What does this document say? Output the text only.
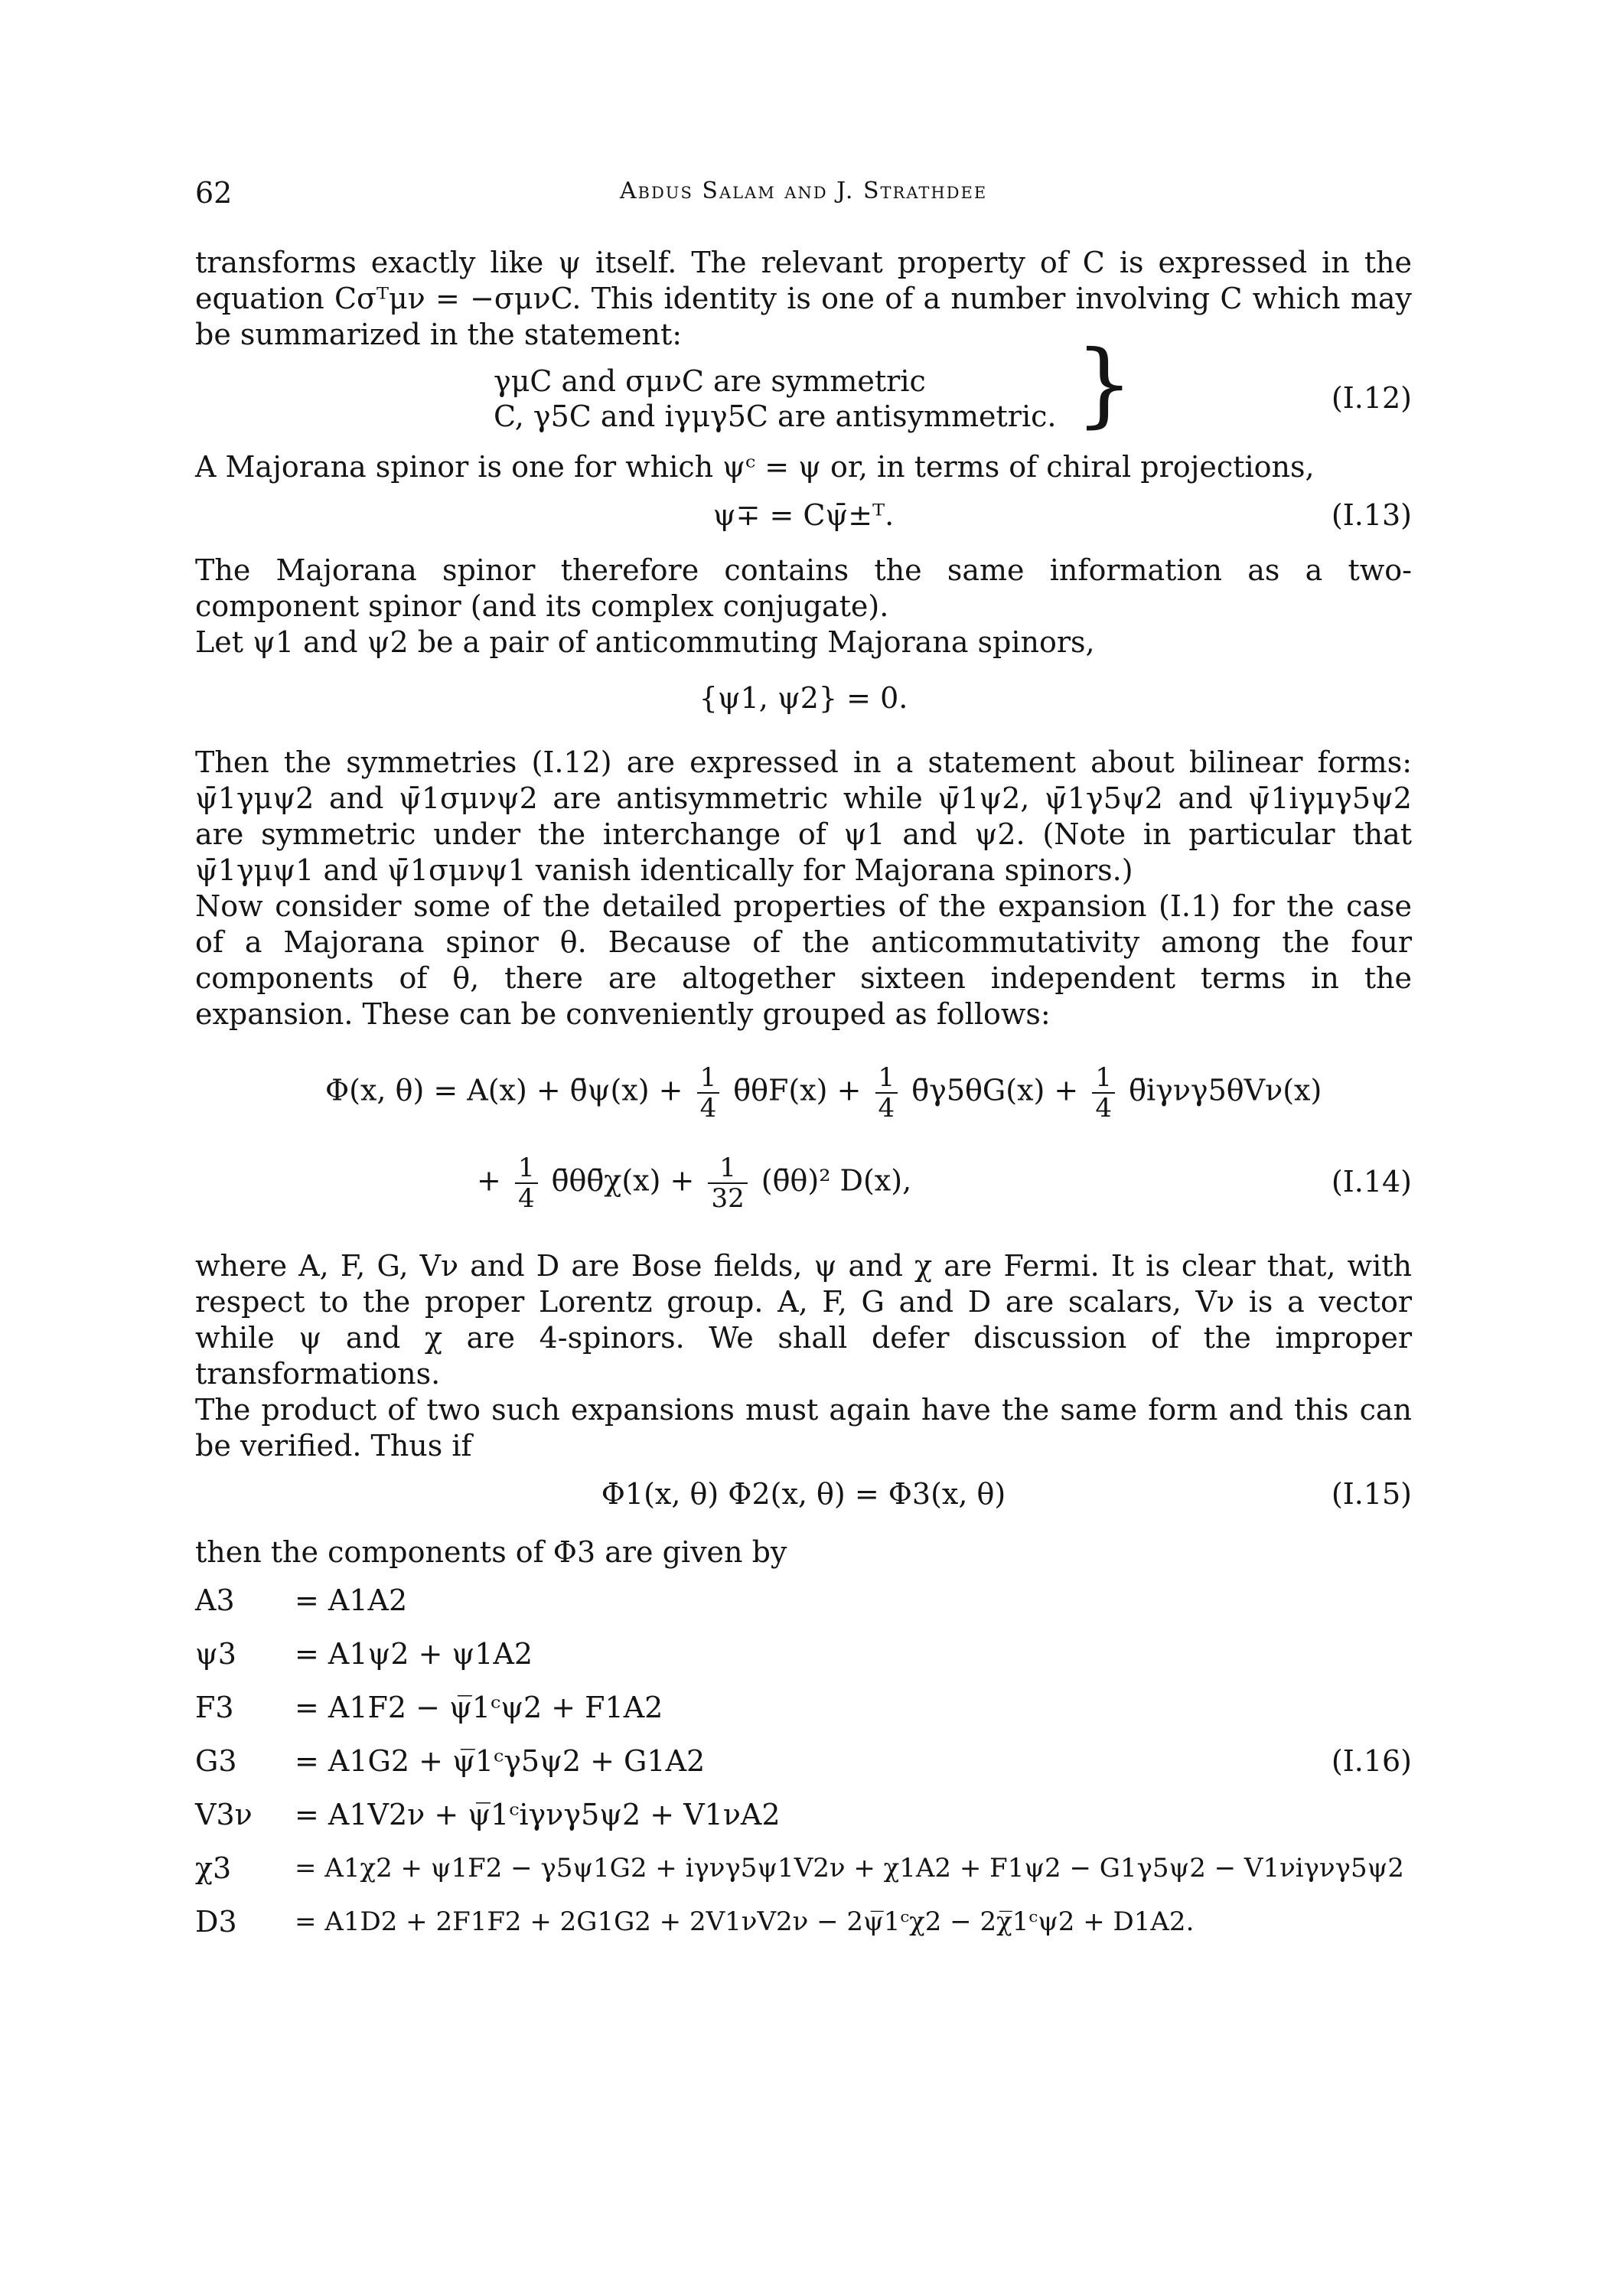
62	Abdus Salam and J. Strathdee

transforms exactly like ψ itself. The relevant property of C is expressed in the equation Cσᵀμν = −σμνC. This identity is one of a number involving C which may be summarized in the statement:

γμC and σμνC are symmetric
C, γ5C and iγμγ5C are antisymmetric. }	(I.12)

A Majorana spinor is one for which ψᶜ = ψ or, in terms of chiral projections,

ψ∓ = Cψ̄±ᵀ.	(I.13)

The Majorana spinor therefore contains the same information as a two-component spinor (and its complex conjugate).

Let ψ1 and ψ2 be a pair of anticommuting Majorana spinors,

{ψ1, ψ2} = 0.

Then the symmetries (I.12) are expressed in a statement about bilinear forms: ψ̄1γμψ2 and ψ̄1σμνψ2 are antisymmetric while ψ̄1ψ2, ψ̄1γ5ψ2 and ψ̄1iγμγ5ψ2 are symmetric under the interchange of ψ1 and ψ2. (Note in particular that ψ̄1γμψ1 and ψ̄1σμνψ1 vanish identically for Majorana spinors.)

Now consider some of the detailed properties of the expansion (I.1) for the case of a Majorana spinor θ. Because of the anticommutativity among the four components of θ, there are altogether sixteen independent terms in the expansion. These can be conveniently grouped as follows:

Φ(x, θ) = A(x) + θ̄ψ(x) + $\frac{1}{4}$ θ̄θF(x) + $\frac{1}{4}$ θ̄γ5θG(x) + $\frac{1}{4}$ θ̄iγνγ5θVν(x)
+ $\frac{1}{4}$ θ̄θθ̄χ(x) + $\frac{1}{32}$ (θ̄θ)² D(x),	(I.14)

where A, F, G, Vν and D are Bose fields, ψ and χ are Fermi. It is clear that, with respect to the proper Lorentz group. A, F, G and D are scalars, Vν is a vector while ψ and χ are 4-spinors. We shall defer discussion of the improper transformations.

The product of two such expansions must again have the same form and this can be verified. Thus if

Φ1(x, θ) Φ2(x, θ) = Φ3(x, θ)	(I.15)

then the components of Φ3 are given by

A3	= A1A2
ψ3	= A1ψ2 + ψ1A2
F3	= A1F2 − ψ̅1ᶜψ2 + F1A2
G3	= A1G2 + ψ̅1ᶜγ5ψ2 + G1A2	(I.16)
V3ν	= A1V2ν + ψ̅1ᶜiγνγ5ψ2 + V1νA2
χ3	= A1χ2 + ψ1F2 − γ5ψ1G2 + iγνγ5ψ1V2ν + χ1A2 + F1ψ2 − G1γ5ψ2 − V1νiγνγ5ψ2
D3	= A1D2 + 2F1F2 + 2G1G2 + 2V1νV2ν − 2ψ̅1ᶜχ2 − 2χ̅1ᶜψ2 + D1A2.
